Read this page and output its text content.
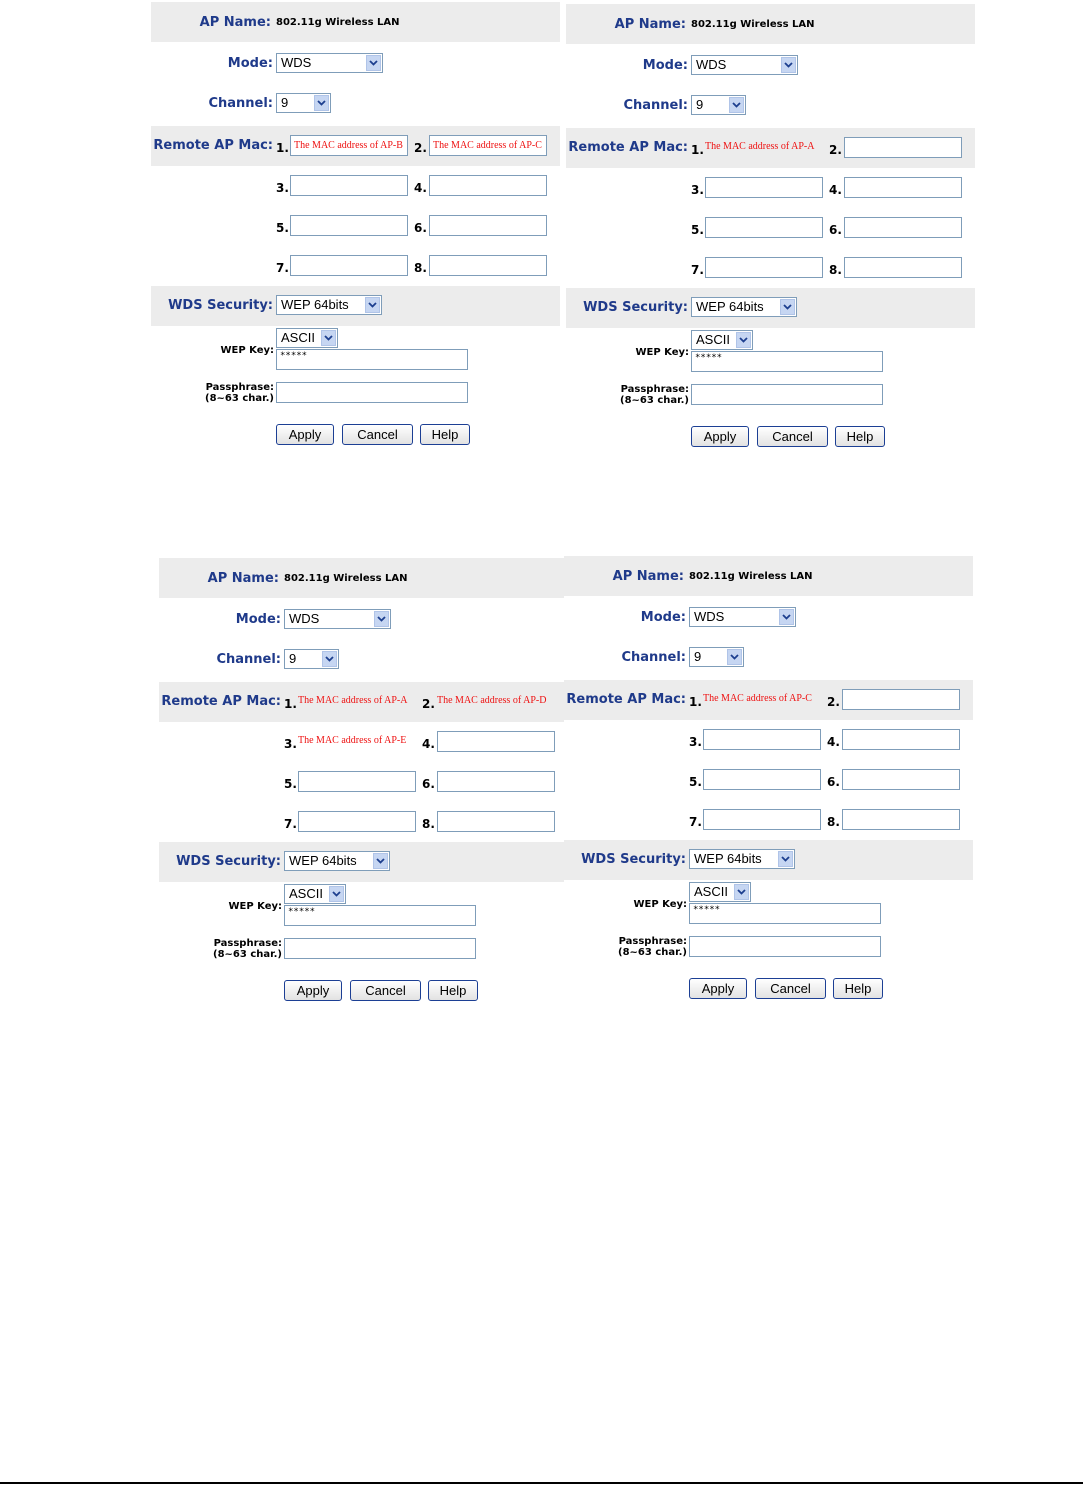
AP Name: 802.11g Wireless LAN
Mode: WDS
Channel: 9
Remote AP Mac: 1. The MAC address of AP-B 2. The MAC address of AP-C
3.	4.
5.	6.
7.	8.
WDS Security: WEP 64bits
ASCII
WEP Key: *****
Passphrase:
(8~63 char.)
Apply	Cancel	Help
AP Name: 802.11g Wireless LAN
Mode: WDS
Channel: 9
Remote AP Mac: 1. The MAC address of AP-A	2.
3.	4.
5.	6.
7.	8.
WDS Security: WEP 64bits
ASCII
WEP Key: *****
Passphrase:
(8~63 char.)
Apply	Cancel	Help
AP Name: 802.11g Wireless LAN
Mode: WDS
Channel: 9
Remote AP Mac: 1. The MAC address of AP-A	2. The MAC address of AP-D
3. The MAC address of AP-E	4.
5.	6.
7.	8.
WDS Security: WEP 64bits
ASCII
WEP Key: *****
Passphrase:
(8~63 char.)
Apply	Cancel	Help
AP Name: 802.11g Wireless LAN
Mode: WDS
Channel: 9
Remote AP Mac: 1. The MAC address of AP-C	2.
3.	4.
5.	6.
7.	8.
WDS Security: WEP 64bits
ASCII
WEP Key: *****
Passphrase:
(8~63 char.)
Apply	Cancel	Help
